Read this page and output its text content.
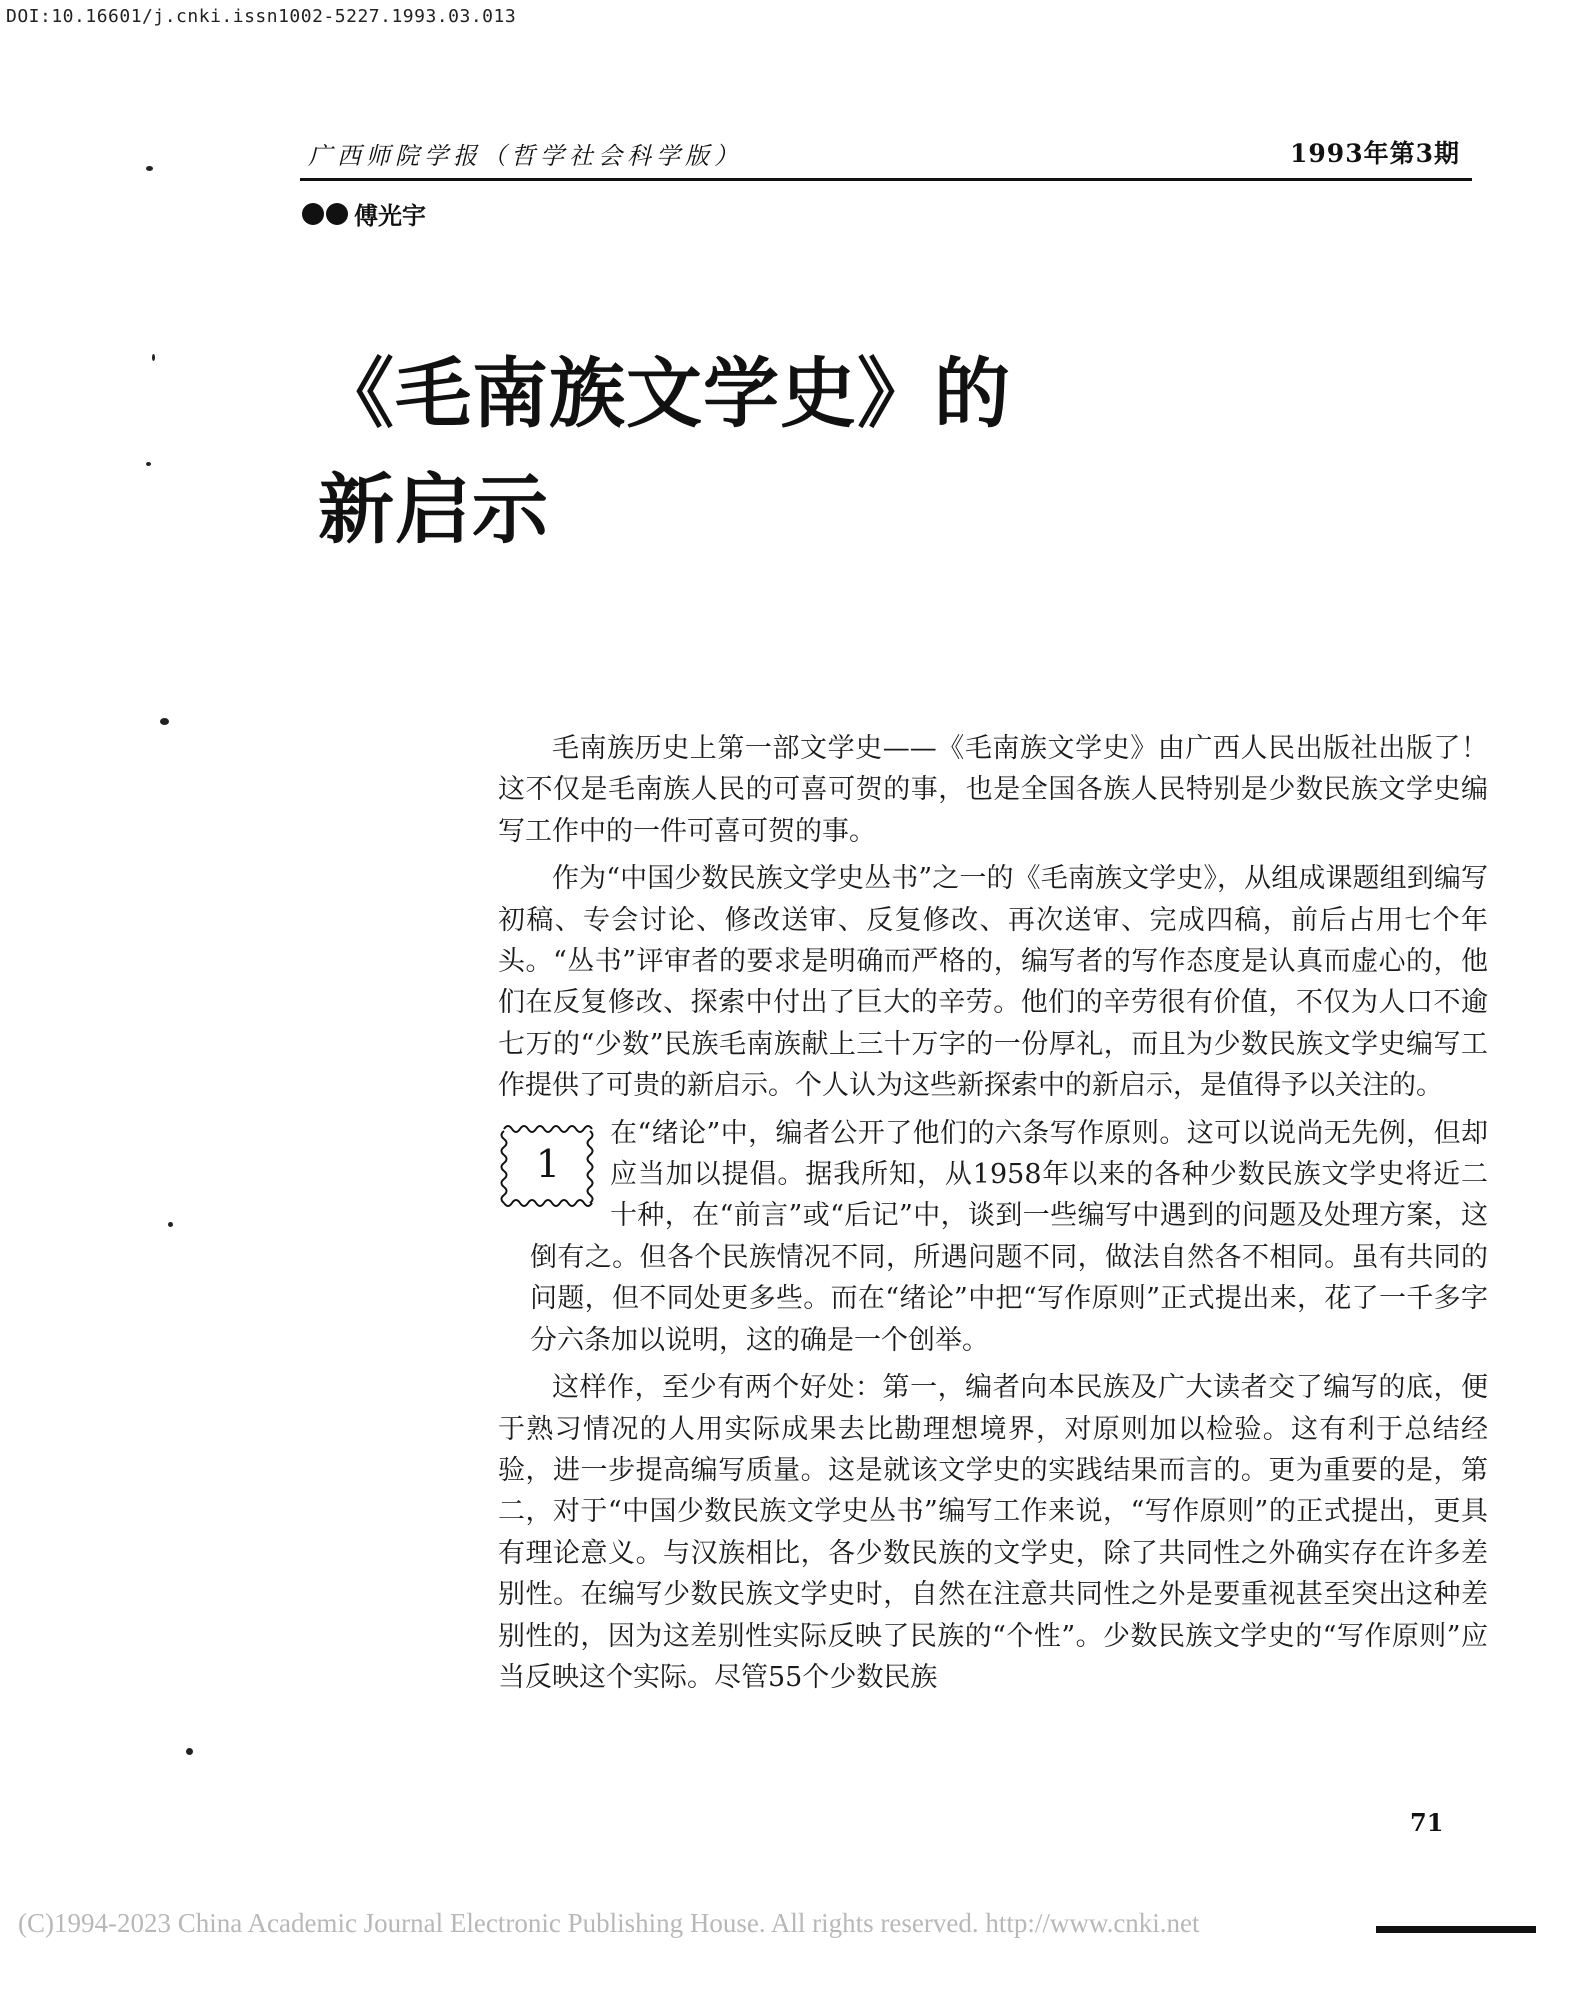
DOI:10.16601/j.cnki.issn1002-5227.1993.03.013
广西师院学报（哲学社会科学版）	1993年第3期
傅光宇
《毛南族文学史》的
新启示

毛南族历史上第一部文学史——《毛南族文学史》由广西人民出版社出版了！这不仅是毛南族人民的可喜可贺的事，也是全国各族人民特别是少数民族文学史编写工作中的一件可喜可贺的事。

作为“中国少数民族文学史丛书”之一的《毛南族文学史》，从组成课题组到编写初稿、专会讨论、修改送审、反复修改、再次送审、完成四稿，前后占用七个年头。“丛书”评审者的要求是明确而严格的，编写者的写作态度是认真而虚心的，他们在反复修改、探索中付出了巨大的辛劳。他们的辛劳很有价值，不仅为人口不逾七万的“少数”民族毛南族献上三十万字的一份厚礼，而且为少数民族文学史编写工作提供了可贵的新启示。个人认为这些新探索中的新启示，是值得予以关注的。

1

在“绪论”中，编者公开了他们的六条写作原则。这可以说尚无先例，但却应当加以提倡。据我所知，从1958年以来的各种少数民族文学史将近二十种，在“前言”或“后记”中，谈到一些编写中遇到的问题及处理方案，这倒有之。但各个民族情况不同，所遇问题不同，做法自然各不相同。虽有共同的问题，但不同处更多些。而在“绪论”中把“写作原则”正式提出来，花了一千多字分六条加以说明，这的确是一个创举。

这样作，至少有两个好处：第一，编者向本民族及广大读者交了编写的底，便于熟习情况的人用实际成果去比勘理想境界，对原则加以检验。这有利于总结经验，进一步提高编写质量。这是就该文学史的实践结果而言的。更为重要的是，第二，对于“中国少数民族文学史丛书”编写工作来说，“写作原则”的正式提出，更具有理论意义。与汉族相比，各少数民族的文学史，除了共同性之外确实存在许多差别性。在编写少数民族文学史时，自然在注意共同性之外是要重视甚至突出这种差别性的，因为这差别性实际反映了民族的“个性”。少数民族文学史的“写作原则”应当反映这个实际。尽管55个少数民族

71
(C)1994-2023 China Academic Journal Electronic Publishing House. All rights reserved. http://www.cnki.net
